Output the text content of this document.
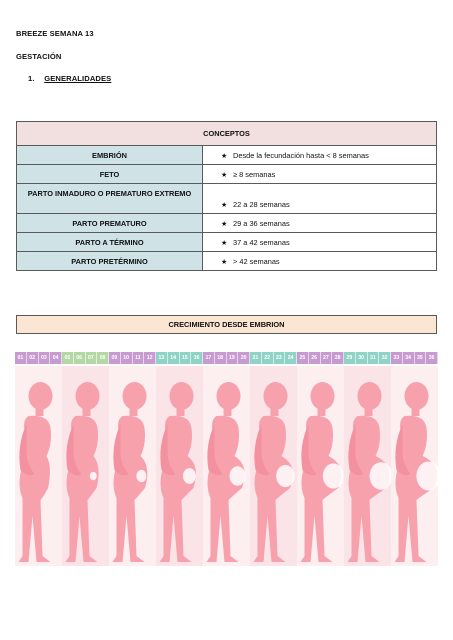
BREEZE SEMANA 13
GESTACIÓN
1. GENERALIDADES
CONCEPTOS	
EMBRIÓN	★ Desde la fecundación hasta < 8 semanas
FETO	★ ≥ 8 semanas
PARTO INMADURO O PREMATURO EXTREMO	★ 22 a 28 semanas
PARTO PREMATURO	★ 29 a 36 semanas
PARTO A TÉRMINO	★ 37 a 42 semanas
PARTO PRETÉRMINO	★ > 42 semanas
CRECIMIENTO DESDE EMBRION
01	02	03	04	05	06	07	08	09	10	11	12	13	14	15	16	17	18	19	20	21	22	23	24	25	26	27	28	29	30	31	32	33	34	35	36
